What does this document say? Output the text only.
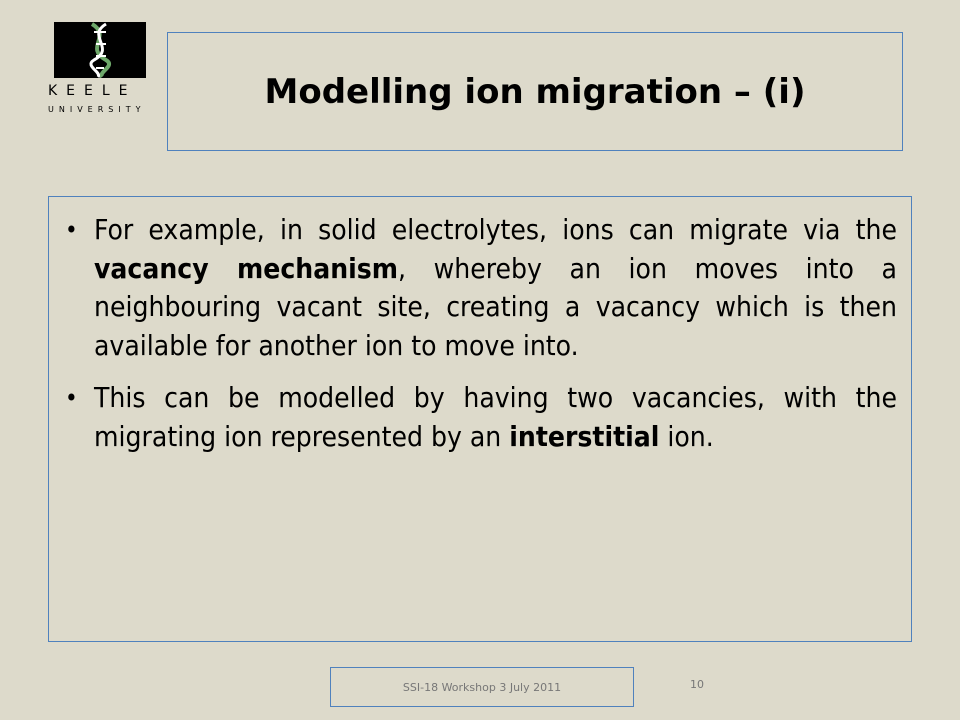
KEELE
UNIVERSITY	Modelling ion migration – (i)
• For example, in solid electrolytes, ions can migrate via the vacancy mechanism, whereby an ion moves into a neighbouring vacant site, creating a vacancy which is then available for another ion to move into.
• This can be modelled by having two vacancies, with the migrating ion represented by an interstitial ion.
SSI-18 Workshop 3 July 2011	10
